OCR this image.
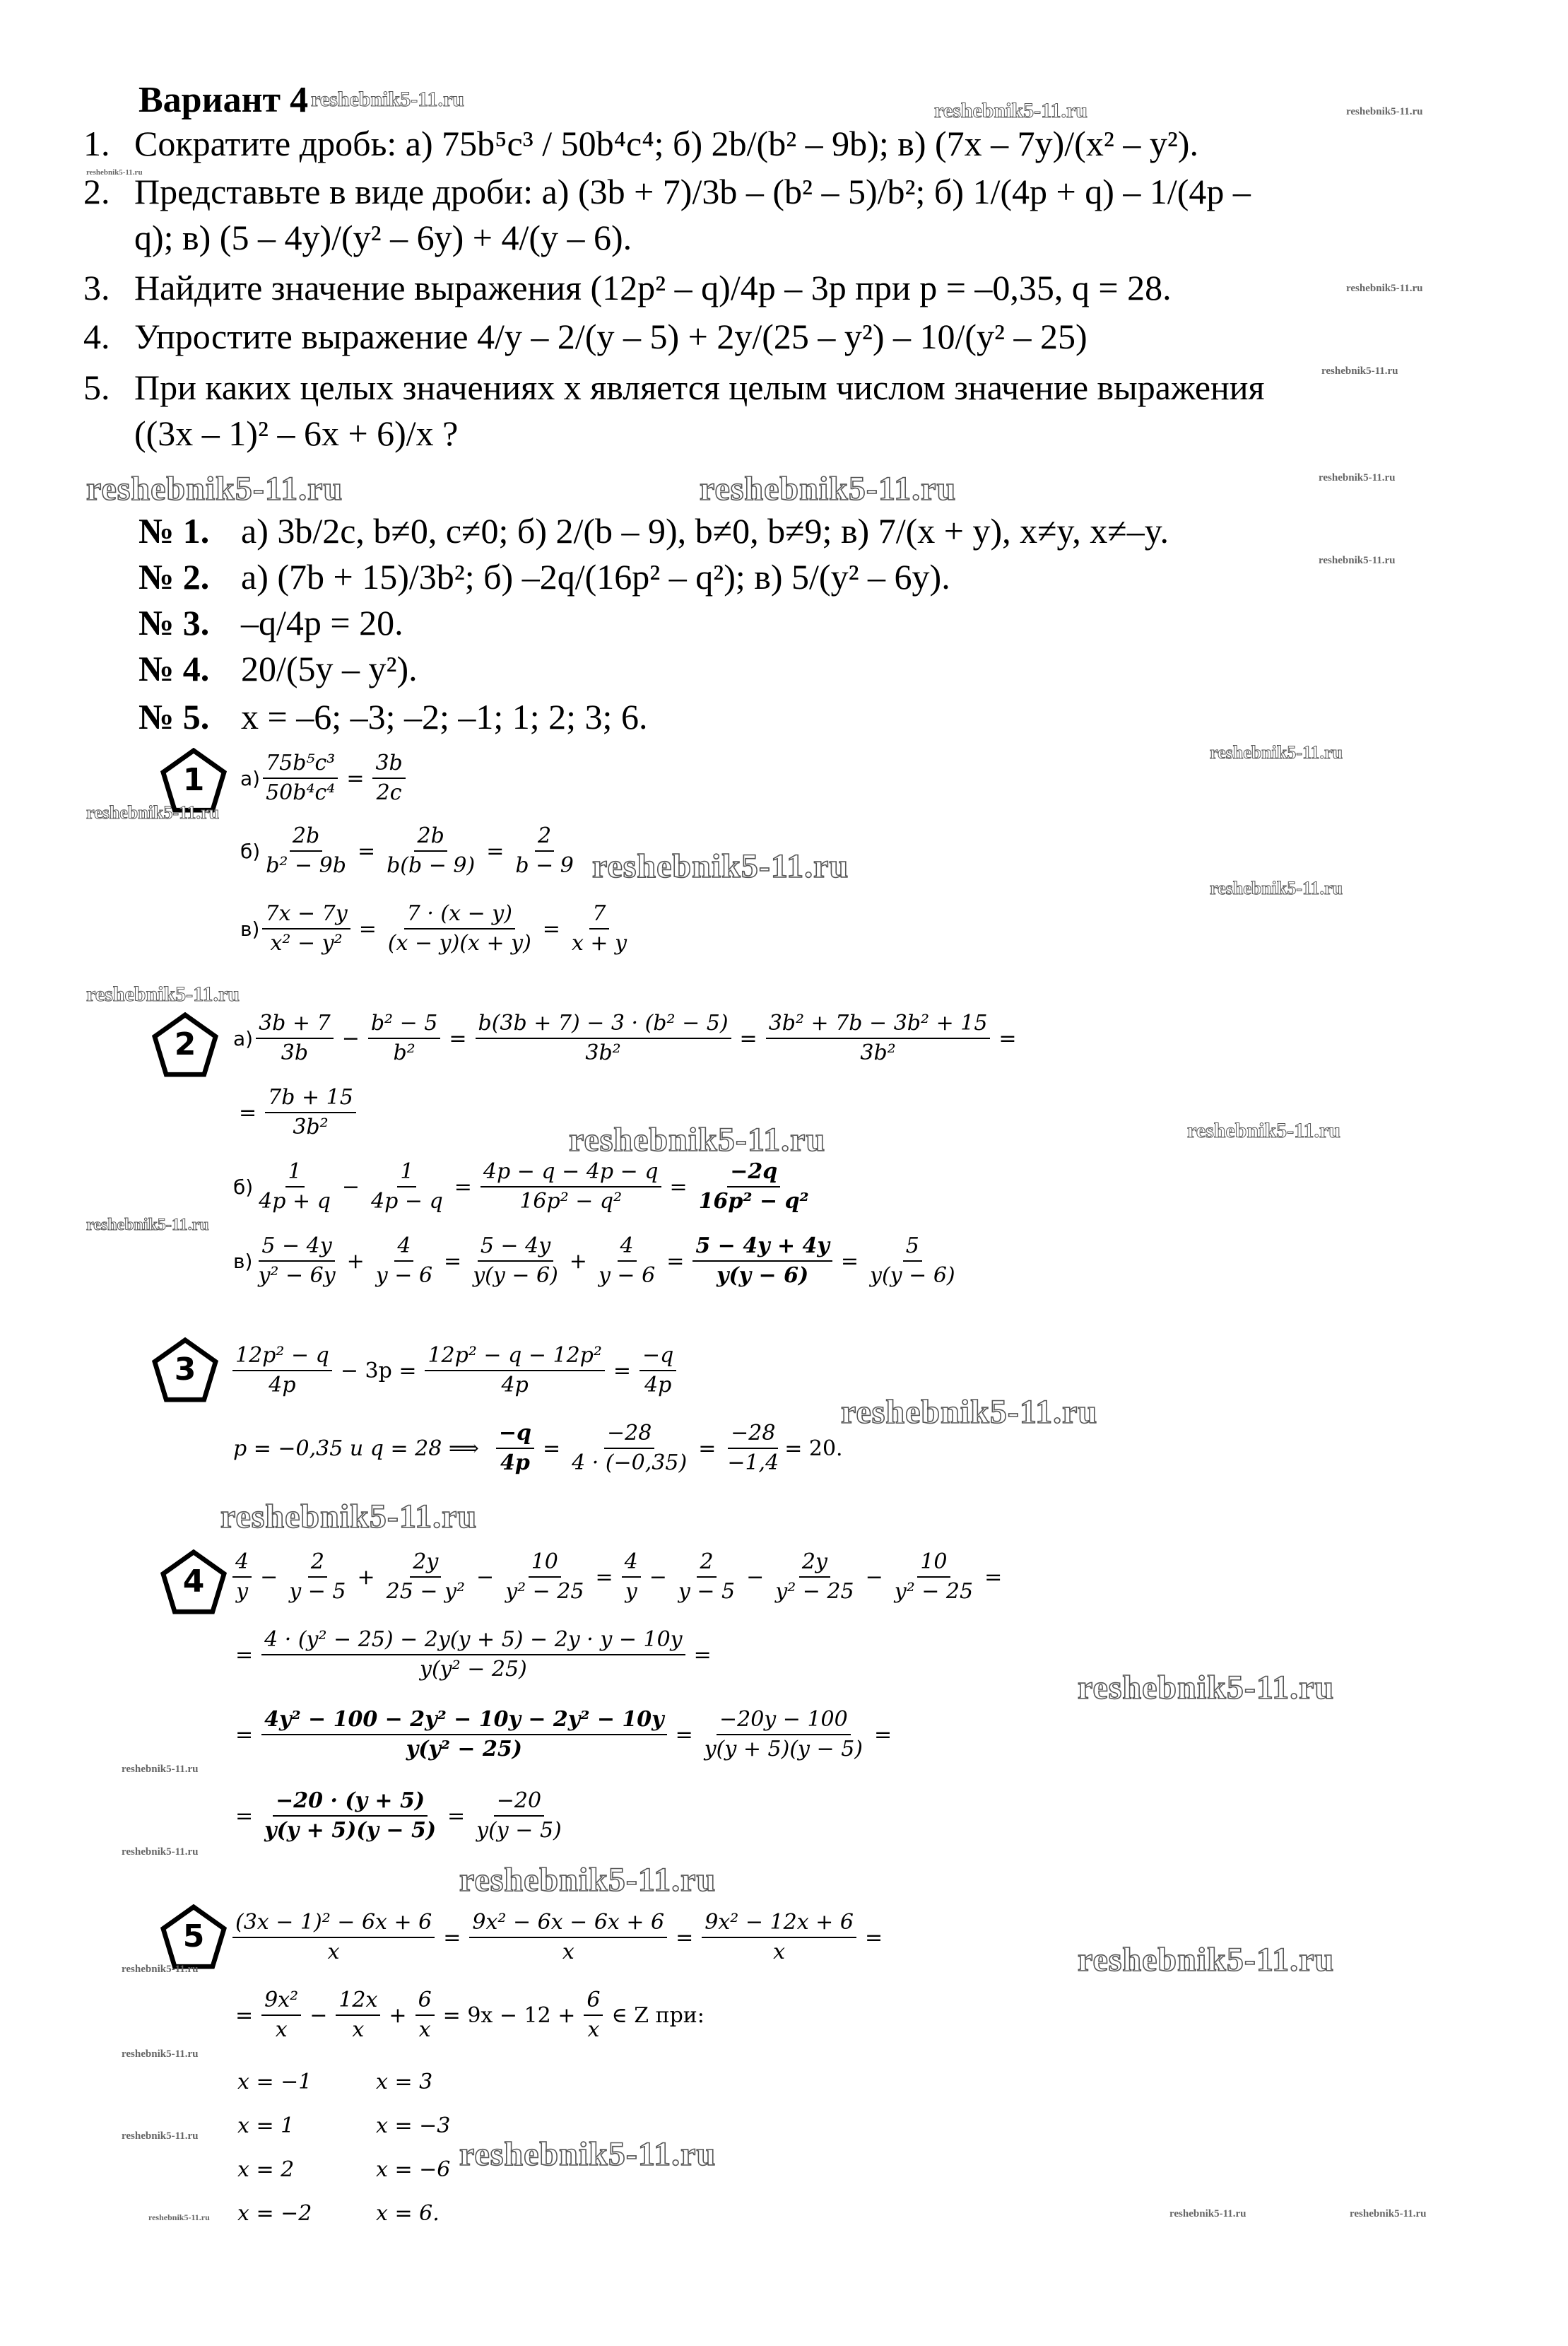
Вариант 4
1. Сократите дробь: а) 75b⁵c³ / 50b⁴c⁴; б) 2b/(b² – 9b); в) (7x – 7y)/(x² – y²).
2. Представьте в виде дроби: а) (3b + 7)/3b – (b² – 5)/b²; б) 1/(4p + q) – 1/(4p –
q); в) (5 – 4y)/(y² – 6y) + 4/(y – 6).
3. Найдите значение выражения (12p² – q)/4p – 3p при p = –0,35, q = 28.
4. Упростите выражение 4/y – 2/(y – 5) + 2y/(25 – y²) – 10/(y² – 25)
5. При каких целых значениях x является целым числом значение выражения
((3x – 1)² – 6x + 6)/x ?
№ 1. а) 3b/2c, b≠0, c≠0; б) 2/(b – 9), b≠0, b≠9; в) 7/(x + y), x≠y, x≠–y.
№ 2. а) (7b + 15)/3b²; б) –2q/(16p² – q²); в) 5/(y² – 6y).
№ 3. –q/4p = 20.
№ 4. 20/(5y – y²).
№ 5. x = –6; –3; –2; –1; 1; 2; 3; 6.
1
2
3
4
5
$а) \frac{\text{75b⁵c³}}{\text{50b⁴c⁴}} = \frac{3b}{2c}$
$б) \frac{2b}{\text{b² − 9b}} = \frac{2b}{b(b - 9)} = \frac{2}{b - 9}$
$в) \frac{7x - 7y}{\text{x² − y²}} = \frac{7 \cdot (x - y)}{(x - y)(x + y)} = \frac{7}{x + y}$
$а) \frac{3b + 7}{3b} - \frac{\text{b² − 5}}{\text{b²}} = \frac{\text{b(3b + 7) − 3 · (b² − 5)}}{\text{3b²}} = \frac{\text{3b² + 7b − 3b² + 15}}{\text{3b²}}$ =
= $\frac{7b + 15}{\text{3b²}}$
$б) \frac{1}{4p + q} - \frac{1}{4p - q} = \frac{4p - q - 4p - q}{\text{16p² − q²}} = \frac{-2q}{\text{16p² − q²}}$
$в) \frac{5 - 4y}{\text{y² − 6y}} + \frac{4}{y - 6} = \frac{5 - 4y}{y(y - 6)} + \frac{4}{y - 6} = \frac{5 - 4y + 4y}{y(y - 6)} = \frac{5}{y(y - 6)}$
$\frac{\text{12p² − q}}{4p} - 3p = \frac{\text{12p² − q − 12p²}}{4p} = \frac{-q}{4p}$
p = −0,35 и q = 28 ⟹ $\frac{-q}{4p} = \frac{-28}{4 \cdot (-0,35)} = \frac{-28}{-1,4} = 20$.
$\frac{4}{y} - \frac{2}{y - 5} + \frac{2y}{\text{25 − y²}} - \frac{10}{\text{y² − 25}} = \frac{4}{y} - \frac{2}{y - 5} - \frac{2y}{\text{y² − 25}} - \frac{10}{\text{y² − 25}}$ =
= $\frac{\text{4 · (y² − 25) − 2y(y + 5) − 2y · y − 10y}}{\text{y(y² − 25)}}$ =
= $\frac{\text{4y² − 100 − 2y² − 10y − 2y² − 10y}}{\text{y(y² − 25)}} = \frac{-20y - 100}{y(y + 5)(y - 5)}$ =
= $\frac{-20 \cdot (y + 5)}{y(y + 5)(y - 5)} = \frac{-20}{y(y - 5)}$
$\frac{\text{(3x − 1)² − 6x + 6}}{x} = \frac{\text{9x² − 6x − 6x + 6}}{x} = \frac{\text{9x² − 12x + 6}}{x}$ =
= $\frac{\text{9x²}}{x} - \frac{12x}{x} + \frac{6}{x} = 9x - 12 + \frac{6}{x}$ ∈ Z при:
x = −1	x = 3
x = 1	x = −3
x = 2	x = −6
x = −2	x = 6.
reshebnik5-11.ru	reshebnik5-11.ru	reshebnik5-11.ru
reshebnik5-11.ru
reshebnik5-11.ru
reshebnik5-11.ru
reshebnik5-11.ru	reshebnik5-11.ru	reshebnik5-11.ru
reshebnik5-11.ru
reshebnik5-11.ru
reshebnik5-11.ru
reshebnik5-11.ru
reshebnik5-11.ru
reshebnik5-11.ru
reshebnik5-11.ru	reshebnik5-11.ru
reshebnik5-11.ru
reshebnik5-11.ru
reshebnik5-11.ru
reshebnik5-11.ru
reshebnik5-11.ru
reshebnik5-11.ru
reshebnik5-11.ru
reshebnik5-11.ru
reshebnik5-11.ru
reshebnik5-11.ru
reshebnik5-11.ru	reshebnik5-11.ru
reshebnik5-11.ru	reshebnik5-11.ru	reshebnik5-11.ru
